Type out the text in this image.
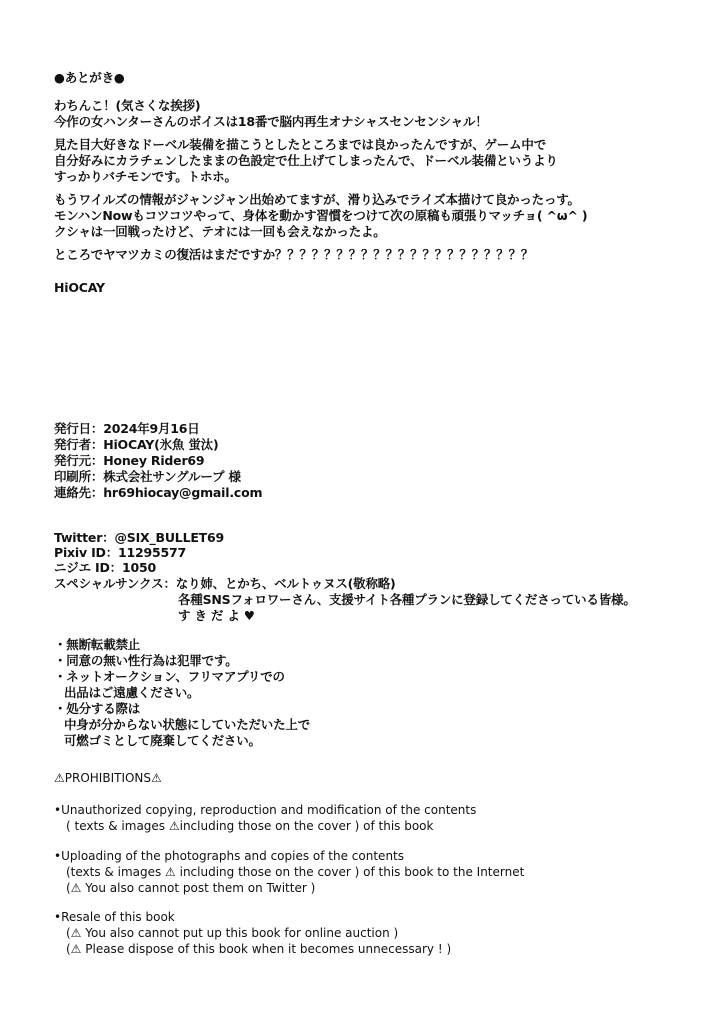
●あとがき●
わちんこ！(気さくな挨拶)
今作の女ハンターさんのボイスは18番で脳内再生オナシャスセンセンシャル！
見た目大好きなドーベル装備を描こうとしたところまでは良かったんですが、ゲーム中で
自分好みにカラチェンしたままの色設定で仕上げてしまったんで、ドーベル装備というより
すっかりバチモンです。トホホ。
もうワイルズの情報がジャンジャン出始めてますが、滑り込みでライズ本描けて良かったっす。
モンハンNowもコツコツやって、身体を動かす習慣をつけて次の原稿も頑張りマッチョ( ^ω^ )
クシャは一回戦ったけど、テオには一回も会えなかったよ。
ところでヤマツカミの復活はまだですか？？？？？？？？？？？？？？？？？？？？？
HiOCAY
発行日：2024年9月16日
発行者：HiOCAY(氷魚 蛍汰)
発行元：Honey Rider69
印刷所：株式会社サングループ 様
連絡先：hr69hiocay@gmail.com
Twitter：@SIX_BULLET69
Pixiv ID：11295577
ニジエ ID：1050
スペシャルサンクス：なり姉、とかち、ベルトゥヌス(敬称略)
各種SNSフォロワーさん、支援サイト各種プランに登録してくださっている皆様。
す き だ よ ♥
・無断転載禁止
・同意の無い性行為は犯罪です。
・ネットオークション、フリマアプリでの
出品はご遠慮ください。
・処分する際は
中身が分からない状態にしていただいた上で
可燃ゴミとして廃棄してください。
⚠PROHIBITIONS⚠
•Unauthorized copying, reproduction and modification of the contents
( texts & images ⚠including those on the cover ) of this book
•Uploading of the photographs and copies of the contents
(texts & images ⚠ including those on the cover ) of this book to the Internet
(⚠ You also cannot post them on Twitter )
•Resale of this book
(⚠ You also cannot put up this book for online auction )
(⚠ Please dispose of this book when it becomes unnecessary ! )
